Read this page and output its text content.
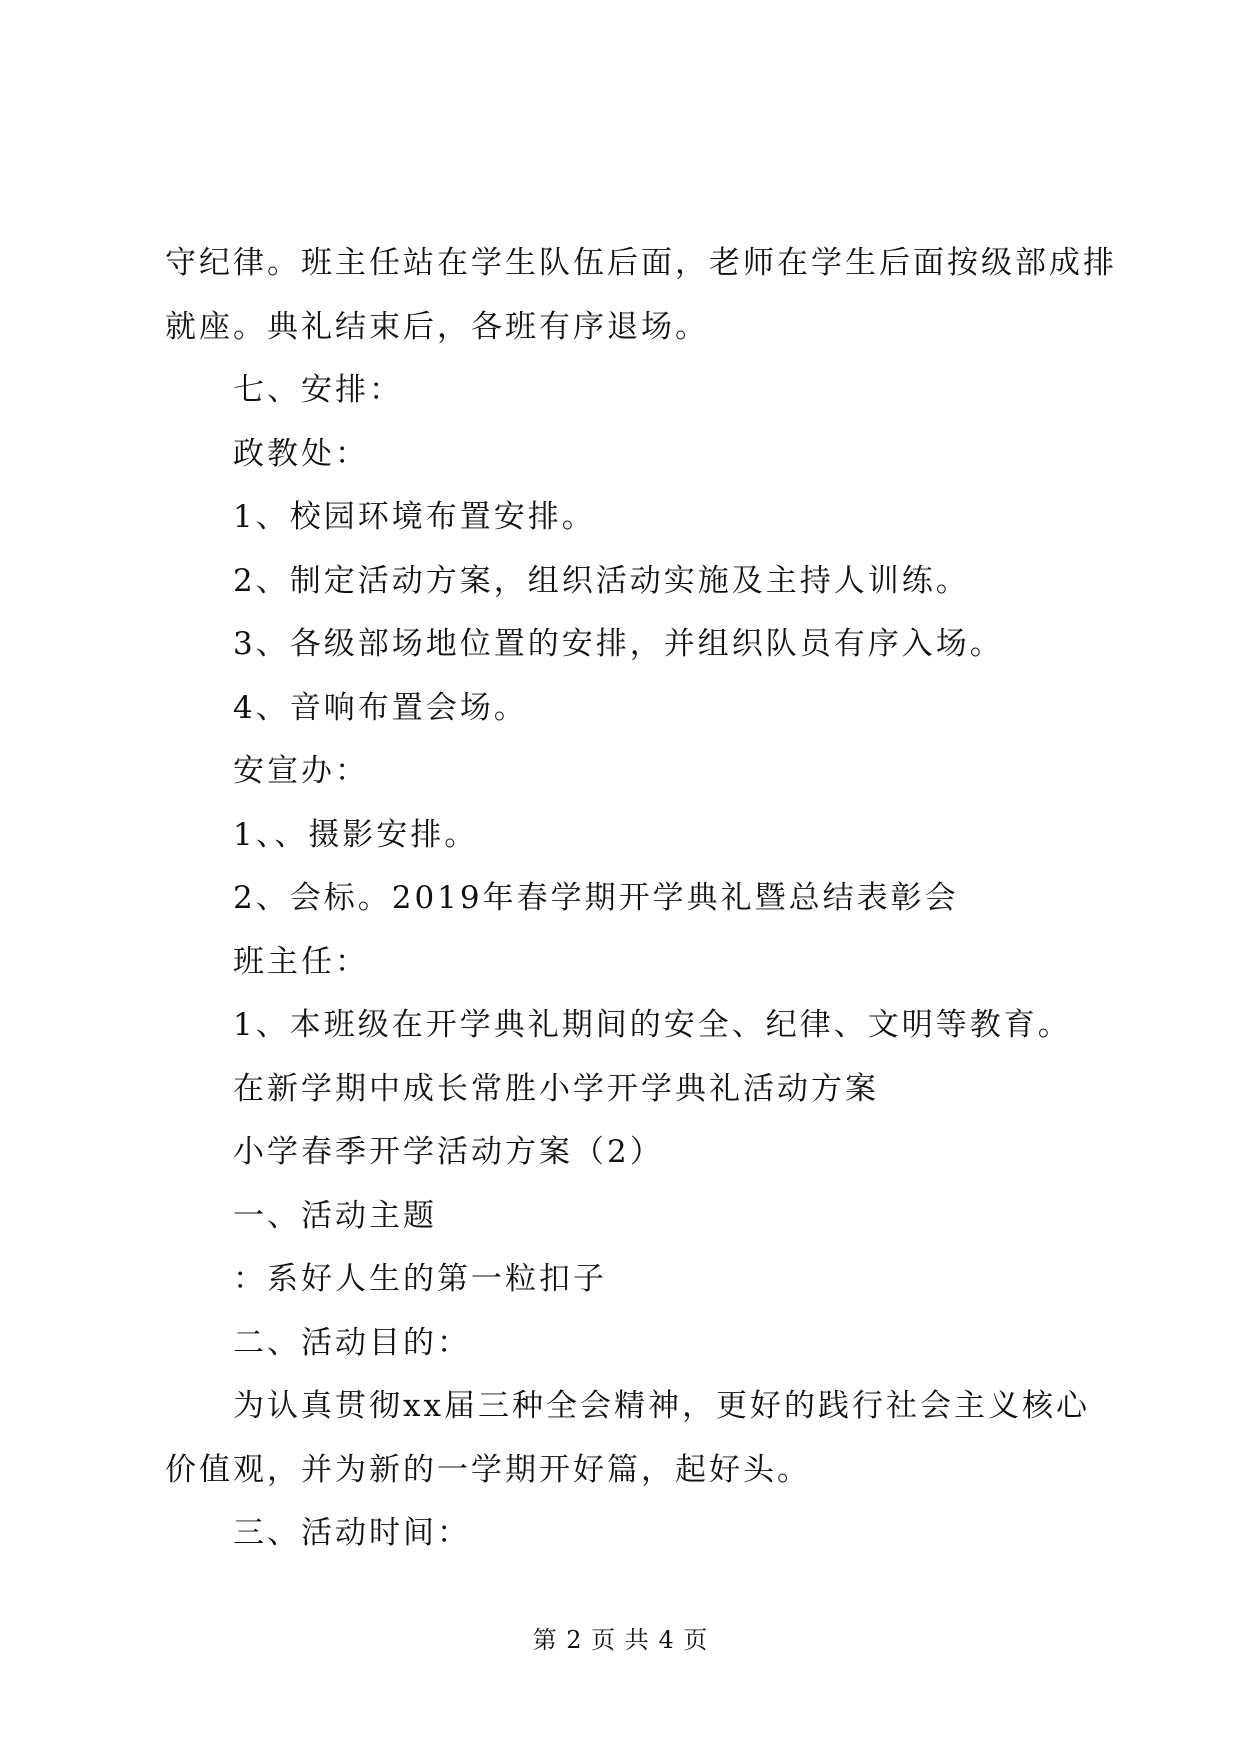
守纪律。班主任站在学生队伍后面，老师在学生后面按级部成排

就座。典礼结束后，各班有序退场。

七、安排：

政教处：

1、校园环境布置安排。

2、制定活动方案，组织活动实施及主持人训练。

3、各级部场地位置的安排，并组织队员有序入场。

4、音响布置会场。

安宣办：

1、、摄影安排。

2、会标。2019年春学期开学典礼暨总结表彰会

班主任：

1、本班级在开学典礼期间的安全、纪律、文明等教育。

在新学期中成长常胜小学开学典礼活动方案

小学春季开学活动方案（2）

一、活动主题

：系好人生的第一粒扣子

二、活动目的：

为认真贯彻xx届三种全会精神，更好的践行社会主义核心

价值观，并为新的一学期开好篇，起好头。

三、活动时间：

第 2 页 共 4 页
